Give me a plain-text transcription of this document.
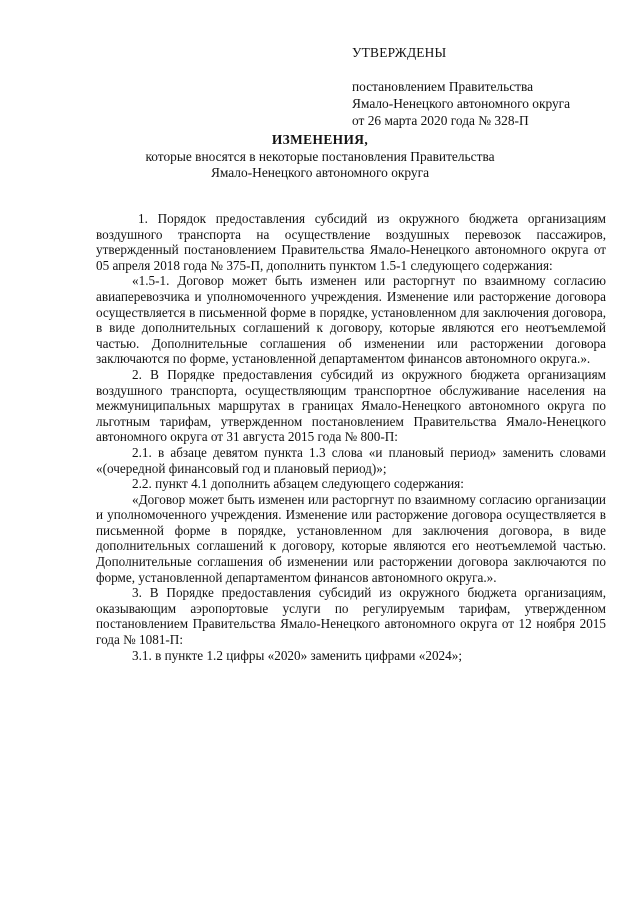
УТВЕРЖДЕНЫ
постановлением Правительства
Ямало-Ненецкого автономного округа
от 26 марта 2020 года № 328-П
ИЗМЕНЕНИЯ,
которые вносятся в некоторые постановления Правительства
Ямало-Ненецкого автономного округа

1. Порядок предоставления субсидий из окружного бюджета организациям воздушного транспорта на осуществление воздушных перевозок пассажиров, утвержденный постановлением Правительства Ямало-Ненецкого автономного округа от 05 апреля 2018 года № 375-П, дополнить пунктом 1.5-1 следующего содержания:

«1.5-1. Договор может быть изменен или расторгнут по взаимному согласию авиаперевозчика и уполномоченного учреждения. Изменение или расторжение договора осуществляется в письменной форме в порядке, установленном для заключения договора, в виде дополнительных соглашений к договору, которые являются его неотъемлемой частью. Дополнительные соглашения об изменении или расторжении договора заключаются по форме, установленной департаментом финансов автономного округа.».

2. В Порядке предоставления субсидий из окружного бюджета организациям воздушного транспорта, осуществляющим транспортное обслуживание населения на межмуниципальных маршрутах в границах Ямало-Ненецкого автономного округа по льготным тарифам, утвержденном постановлением Правительства Ямало-Ненецкого автономного округа от 31 августа 2015 года № 800-П:

2.1. в абзаце девятом пункта 1.3 слова «и плановый период» заменить словами «(очередной финансовый год и плановый период)»;

2.2. пункт 4.1 дополнить абзацем следующего содержания:

«Договор может быть изменен или расторгнут по взаимному согласию организации и уполномоченного учреждения. Изменение или расторжение договора осуществляется в письменной форме в порядке, установленном для заключения договора, в виде дополнительных соглашений к договору, которые являются его неотъемлемой частью. Дополнительные соглашения об изменении или расторжении договора заключаются по форме, установленной департаментом финансов автономного округа.».

3. В Порядке предоставления субсидий из окружного бюджета организациям, оказывающим аэропортовые услуги по регулируемым тарифам, утвержденном постановлением Правительства Ямало-Ненецкого автономного округа от 12 ноября 2015 года № 1081-П:

3.1. в пункте 1.2 цифры «2020» заменить цифрами «2024»;
